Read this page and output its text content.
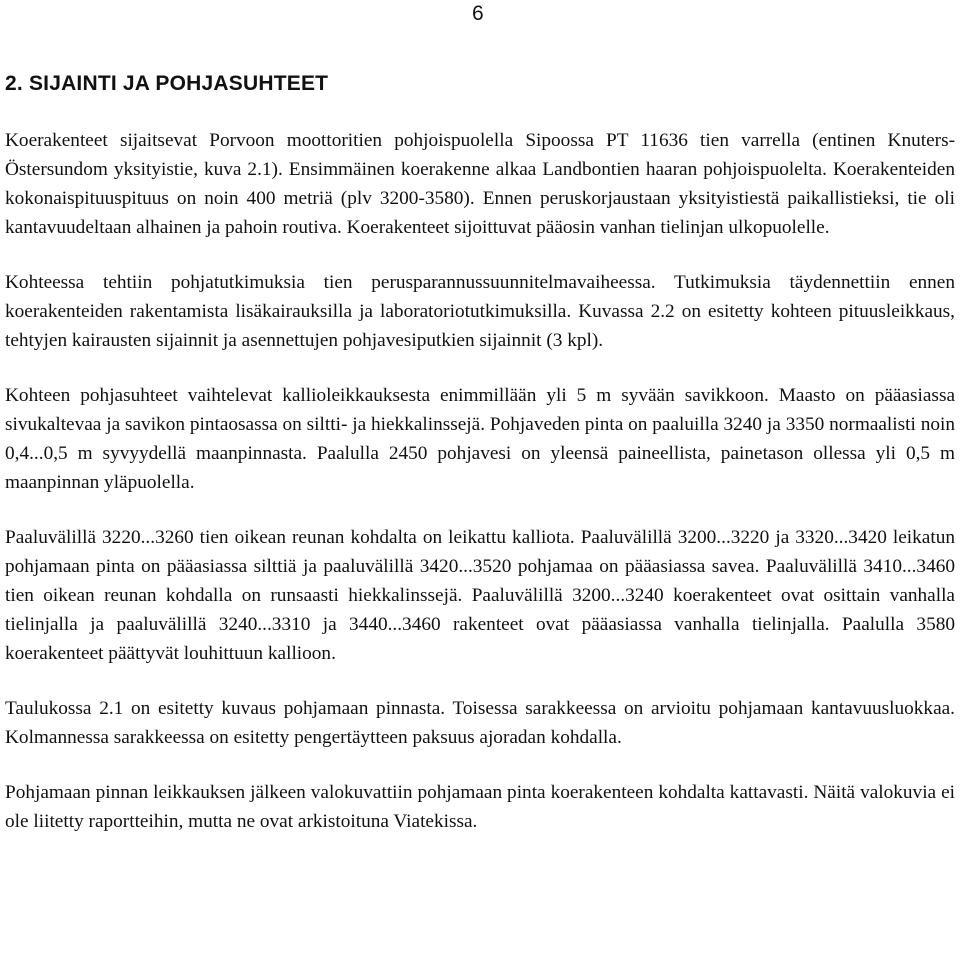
6
2. SIJAINTI JA POHJASUHTEET

Koerakenteet sijaitsevat Porvoon moottoritien pohjoispuolella Sipoossa PT 11636 tien varrella (entinen Knuters-Östersundom yksityistie, kuva 2.1). Ensimmäinen koerakenne alkaa Landbontien haaran pohjoispuolelta. Koerakenteiden kokonaispituuspituus on noin 400 metriä (plv 3200-3580). Ennen peruskorjaustaan yksityistiestä paikallistieksi, tie oli kantavuudeltaan alhainen ja pahoin routiva. Koerakenteet sijoittuvat pääosin vanhan tielinjan ulkopuolelle.

Kohteessa tehtiin pohjatutkimuksia tien perusparannussuunnitelmavaiheessa. Tutkimuksia täydennettiin ennen koerakenteiden rakentamista lisäkairauksilla ja laboratoriotutkimuksilla. Kuvassa 2.2 on esitetty kohteen pituusleikkaus, tehtyjen kairausten sijainnit ja asennettujen pohjavesiputkien sijainnit (3 kpl).

Kohteen pohjasuhteet vaihtelevat kallioleikkauksesta enimmillään yli 5 m syvään savikkoon. Maasto on pääasiassa sivukaltevaa ja savikon pintaosassa on siltti- ja hiekkalinssejä. Pohjaveden pinta on paaluilla 3240 ja 3350 normaalisti noin 0,4...0,5 m syvyydellä maanpinnasta. Paalulla 2450 pohjavesi on yleensä paineellista, painetason ollessa yli 0,5 m maanpinnan yläpuolella.

Paaluvälillä 3220...3260 tien oikean reunan kohdalta on leikattu kalliota. Paaluvälillä 3200...3220 ja 3320...3420 leikatun pohjamaan pinta on pääasiassa silttiä ja paaluvälillä 3420...3520 pohjamaa on pääasiassa savea. Paaluvälillä 3410...3460 tien oikean reunan kohdalla on runsaasti hiekkalinssejä. Paaluvälillä 3200...3240 koerakenteet ovat osittain vanhalla tielinjalla ja paaluvälillä 3240...3310 ja 3440...3460 rakenteet ovat pääasiassa vanhalla tielinjalla. Paalulla 3580 koerakenteet päättyvät louhittuun kallioon.

Taulukossa 2.1 on esitetty kuvaus pohjamaan pinnasta. Toisessa sarakkeessa on arvioitu pohjamaan kantavuusluokkaa. Kolmannessa sarakkeessa on esitetty pengertäytteen paksuus ajoradan kohdalla.

Pohjamaan pinnan leikkauksen jälkeen valokuvattiin pohjamaan pinta koerakenteen kohdalta kattavasti. Näitä valokuvia ei ole liitetty raportteihin, mutta ne ovat arkistoituna Viatekissa.
